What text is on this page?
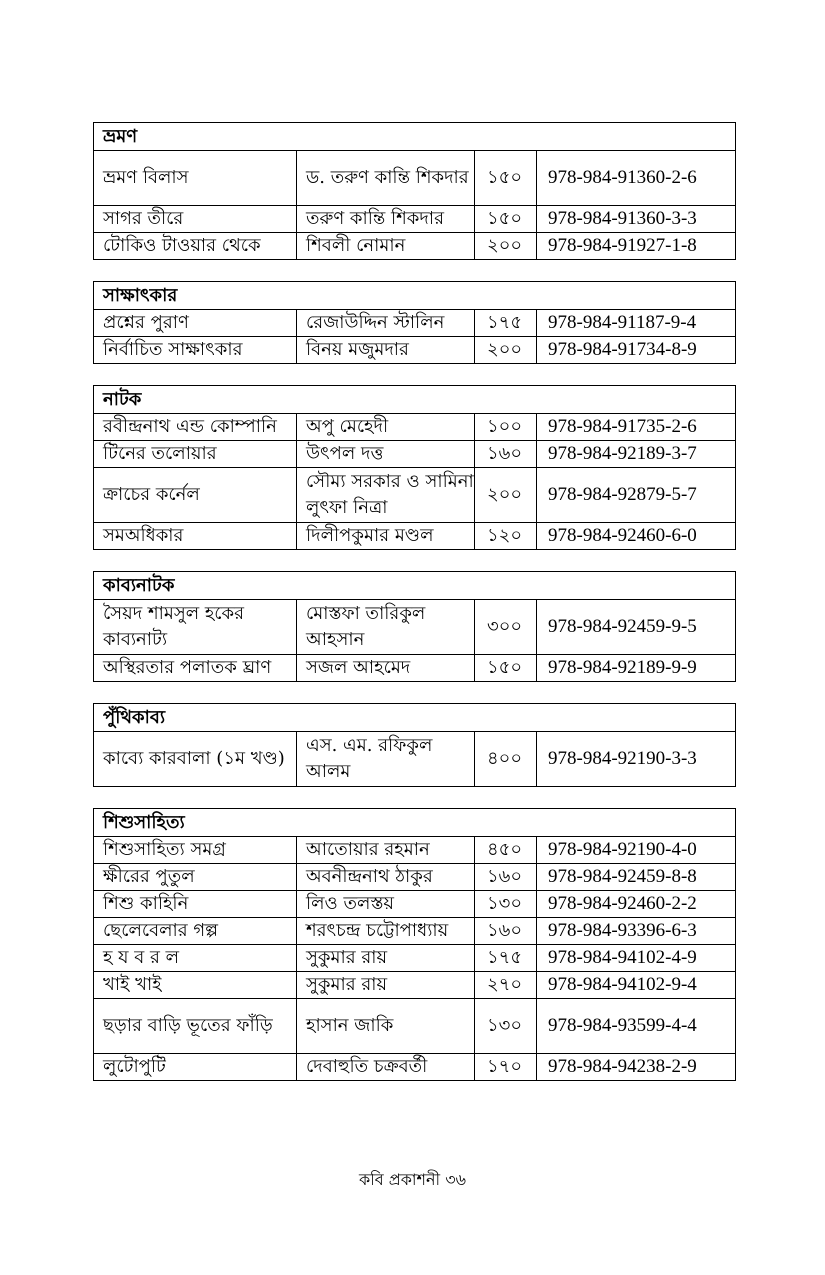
ভ্রমণ			
ভ্রমণ বিলাস	ড. তরুণ কান্তি শিকদার	১৫০	978-984-91360-2-6
সাগর তীরে	তরুণ কান্তি শিকদার	১৫০	978-984-91360-3-3
টোকিও টাওয়ার থেকে	শিবলী নোমান	২০০	978-984-91927-1-8
সাক্ষাৎকার			
প্রশ্নের পুরাণ	রেজাউদ্দিন স্টালিন	১৭৫	978-984-91187-9-4
নির্বাচিত সাক্ষাৎকার	বিনয় মজুমদার	২০০	978-984-91734-8-9
নাটক			
রবীন্দ্রনাথ এন্ড কোম্পানি	অপু মেহেদী	১০০	978-984-91735-2-6
টিনের তলোয়ার	উৎপল দত্ত	১৬০	978-984-92189-3-7
ক্রাচের কর্নেল	সৌম্য সরকার ও সামিনা লুৎফা নিত্রা	২০০	978-984-92879-5-7
সমঅধিকার	দিলীপকুমার মণ্ডল	১২০	978-984-92460-6-0
কাব্যনাটক			
সৈয়দ শামসুল হকের কাব্যনাট্য	মোস্তফা তারিকুল আহসান	৩০০	978-984-92459-9-5
অস্থিরতার পলাতক ঘ্রাণ	সজল আহমেদ	১৫০	978-984-92189-9-9
পুঁথিকাব্য
কাব্যে কারবালা (১ম খণ্ড)	এস. এম. রফিকুল আলম	৪০০	978-984-92190-3-3
শিশুসাহিত্য			
শিশুসাহিত্য সমগ্র	আতোয়ার রহমান	৪৫০	978-984-92190-4-0
ক্ষীরের পুতুল	অবনীন্দ্রনাথ ঠাকুর	১৬০	978-984-92459-8-8
শিশু কাহিনি	লিও তলস্তয়	১৩০	978-984-92460-2-2
ছেলেবেলার গল্প	শরৎচন্দ্র চট্টোপাধ্যায়	১৬০	978-984-93396-6-3
হ য ব র ল	সুকুমার রায়	১৭৫	978-984-94102-4-9
খাই খাই	সুকুমার রায়	২৭০	978-984-94102-9-4
ছড়ার বাড়ি ভূতের ফাঁড়ি	হাসান জাকি	১৩০	978-984-93599-4-4
লুটোপুটি	দেবাহুতি চক্রবর্তী	১৭০	978-984-94238-2-9
কবি প্রকাশনী ৩৬
